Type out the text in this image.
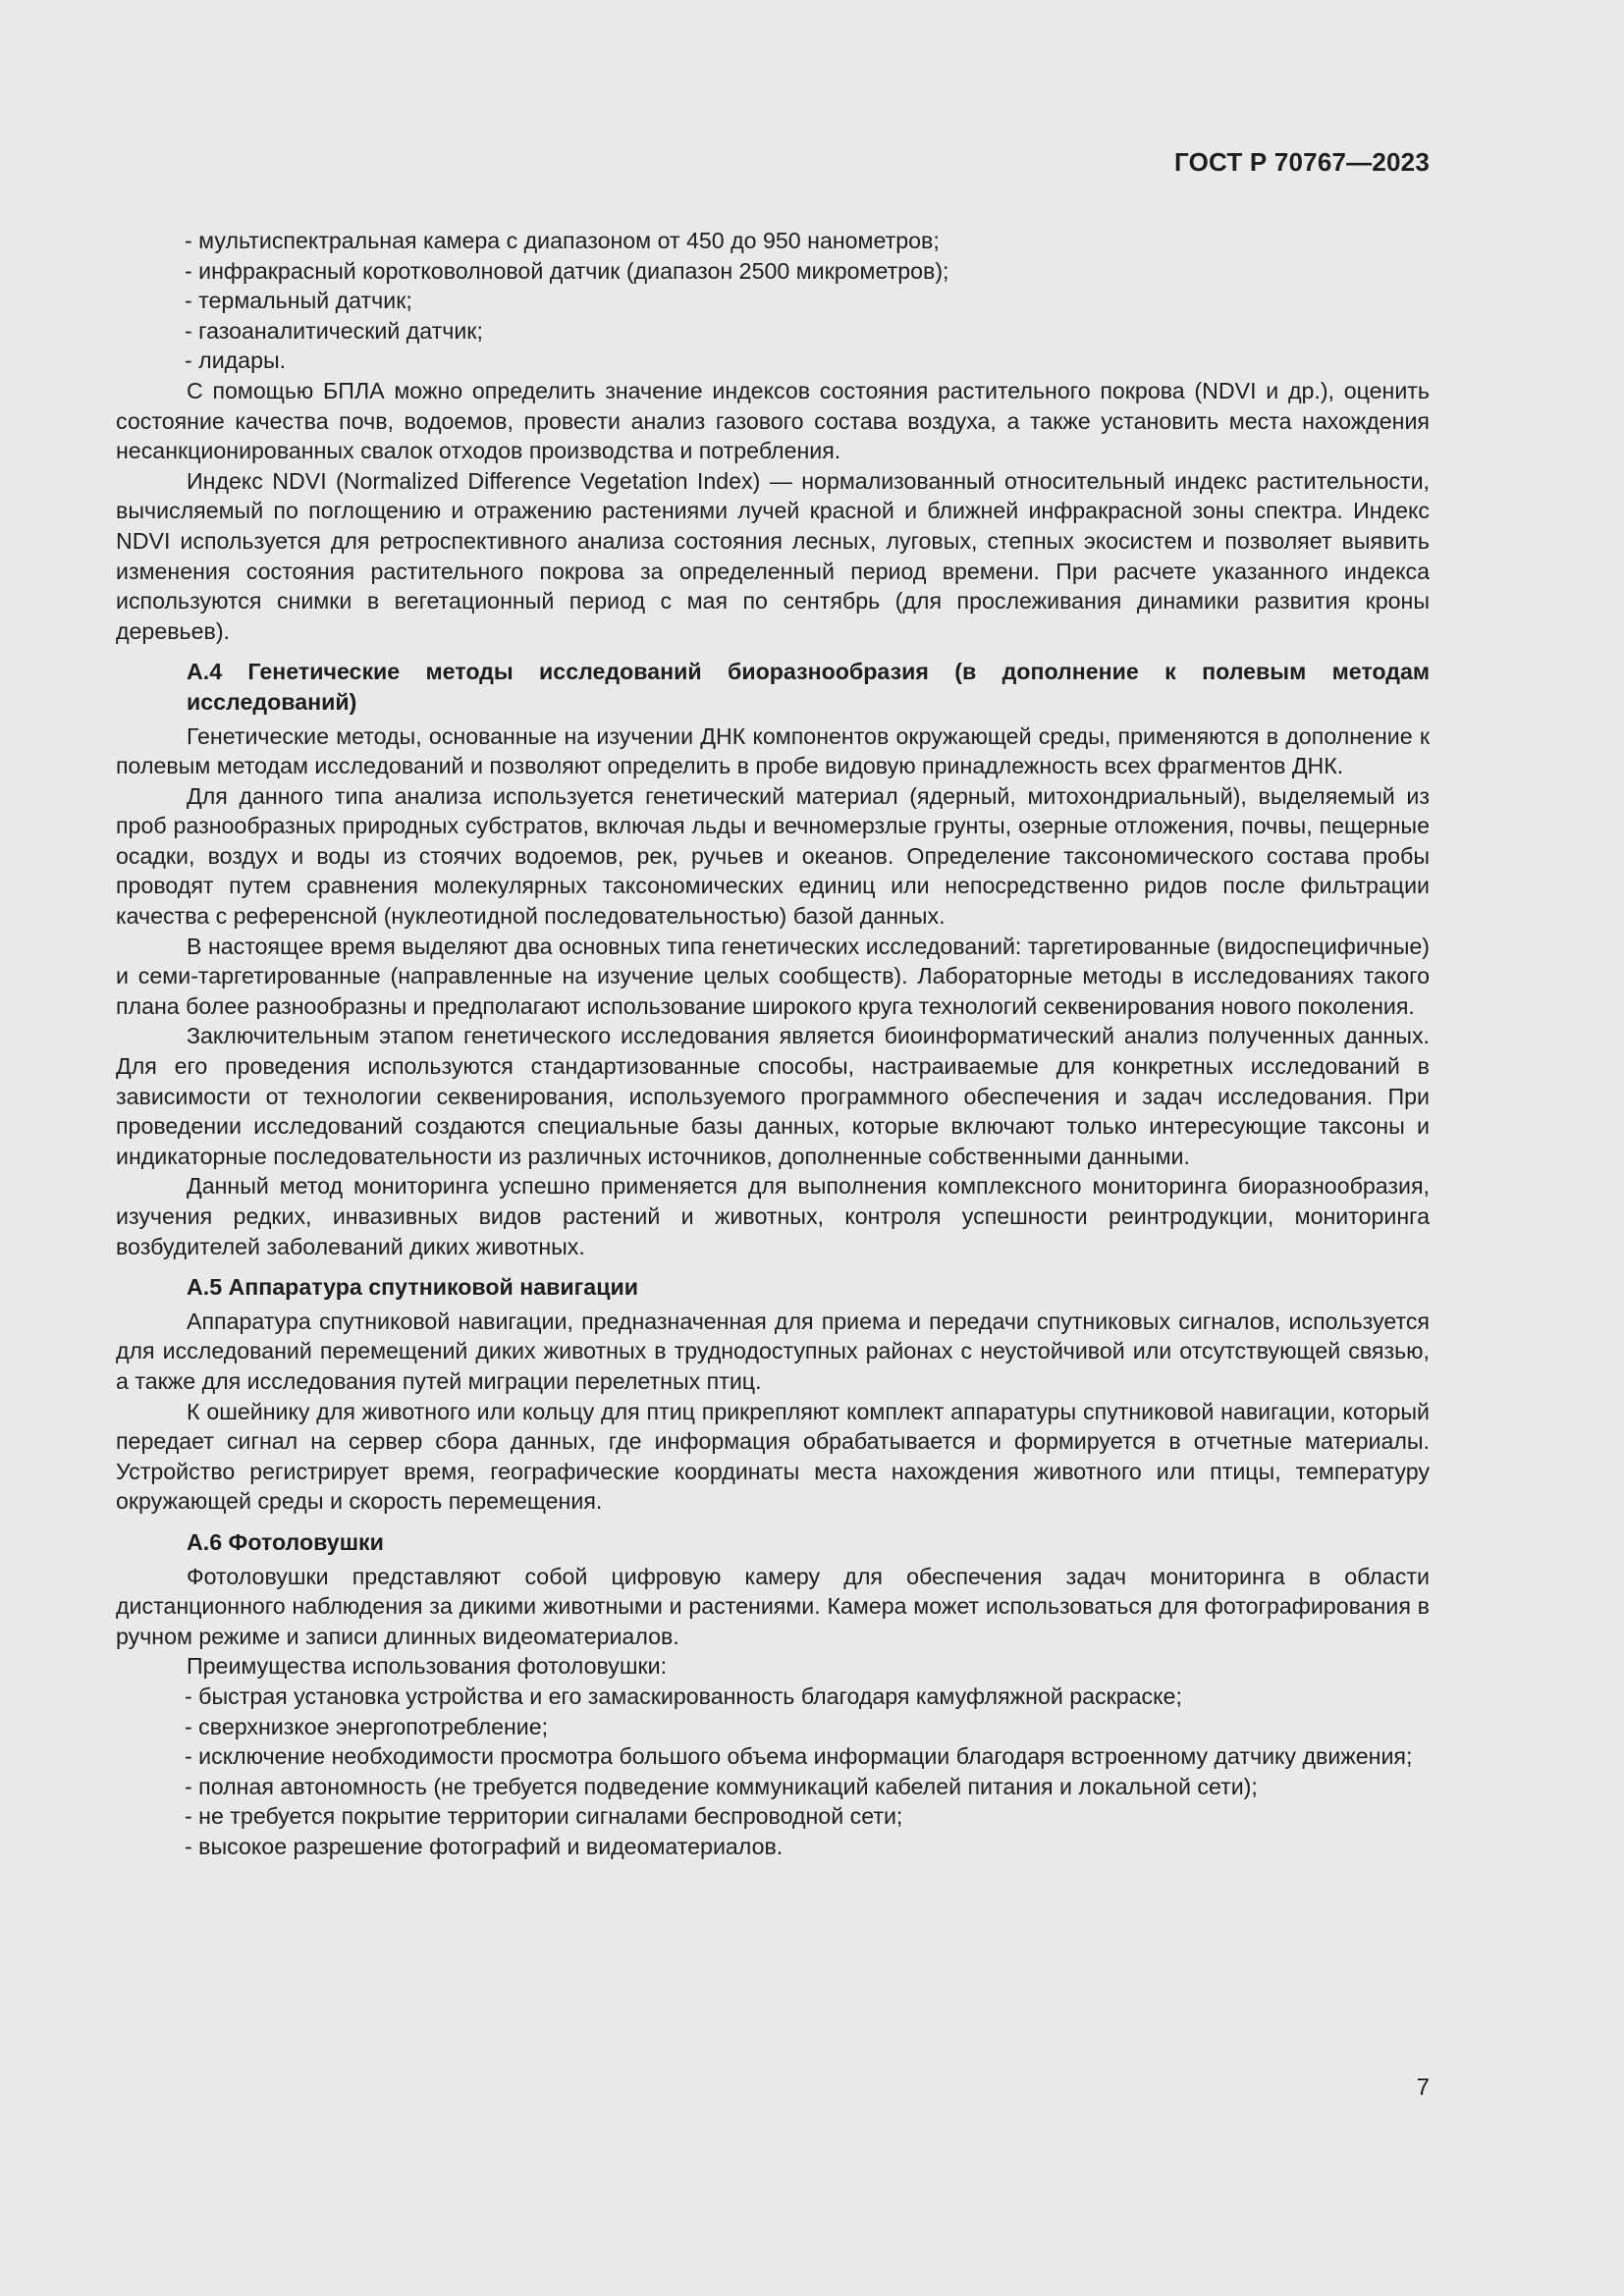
ГОСТ Р 70767—2023

- мультиспектральная камера с диапазоном от 450 до 950 нанометров;

- инфракрасный коротковолновой датчик (диапазон 2500 микрометров);

- термальный датчик;

- газоаналитический датчик;

- лидары.

С помощью БПЛА можно определить значение индексов состояния растительного покрова (NDVI и др.), оценить состояние качества почв, водоемов, провести анализ газового состава воздуха, а также установить места нахождения несанкционированных свалок отходов производства и потребления.

Индекс NDVI (Normalized Difference Vegetation Index) — нормализованный относительный индекс растительности, вычисляемый по поглощению и отражению растениями лучей красной и ближней инфракрасной зоны спектра. Индекс NDVI используется для ретроспективного анализа состояния лесных, луговых, степных экосистем и позволяет выявить изменения состояния растительного покрова за определенный период времени. При расчете указанного индекса используются снимки в вегетационный период с мая по сентябрь (для прослеживания динамики развития кроны деревьев).

А.4 Генетические методы исследований биоразнообразия (в дополнение к полевым методам исследований)

Генетические методы, основанные на изучении ДНК компонентов окружающей среды, применяются в дополнение к полевым методам исследований и позволяют определить в пробе видовую принадлежность всех фрагментов ДНК.

Для данного типа анализа используется генетический материал (ядерный, митохондриальный), выделяемый из проб разнообразных природных субстратов, включая льды и вечномерзлые грунты, озерные отложения, почвы, пещерные осадки, воздух и воды из стоячих водоемов, рек, ручьев и океанов. Определение таксономического состава пробы проводят путем сравнения молекулярных таксономических единиц или непосредственно ридов после фильтрации качества с референсной (нуклеотидной последовательностью) базой данных.

В настоящее время выделяют два основных типа генетических исследований: таргетированные (видоспецифичные) и семи-таргетированные (направленные на изучение целых сообществ). Лабораторные методы в исследованиях такого плана более разнообразны и предполагают использование широкого круга технологий секвенирования нового поколения.

Заключительным этапом генетического исследования является биоинформатический анализ полученных данных. Для его проведения используются стандартизованные способы, настраиваемые для конкретных исследований в зависимости от технологии секвенирования, используемого программного обеспечения и задач исследования. При проведении исследований создаются специальные базы данных, которые включают только интересующие таксоны и индикаторные последовательности из различных источников, дополненные собственными данными.

Данный метод мониторинга успешно применяется для выполнения комплексного мониторинга биоразнообразия, изучения редких, инвазивных видов растений и животных, контроля успешности реинтродукции, мониторинга возбудителей заболеваний диких животных.

А.5 Аппаратура спутниковой навигации

Аппаратура спутниковой навигации, предназначенная для приема и передачи спутниковых сигналов, используется для исследований перемещений диких животных в труднодоступных районах с неустойчивой или отсутствующей связью, а также для исследования путей миграции перелетных птиц.

К ошейнику для животного или кольцу для птиц прикрепляют комплект аппаратуры спутниковой навигации, который передает сигнал на сервер сбора данных, где информация обрабатывается и формируется в отчетные материалы. Устройство регистрирует время, географические координаты места нахождения животного или птицы, температуру окружающей среды и скорость перемещения.

А.6 Фотоловушки

Фотоловушки представляют собой цифровую камеру для обеспечения задач мониторинга в области дистанционного наблюдения за дикими животными и растениями. Камера может использоваться для фотографирования в ручном режиме и записи длинных видеоматериалов.

Преимущества использования фотоловушки:

- быстрая установка устройства и его замаскированность благодаря камуфляжной раскраске;

- сверхнизкое энергопотребление;

- исключение необходимости просмотра большого объема информации благодаря встроенному датчику движения;

- полная автономность (не требуется подведение коммуникаций кабелей питания и локальной сети);

- не требуется покрытие территории сигналами беспроводной сети;

- высокое разрешение фотографий и видеоматериалов.

7
